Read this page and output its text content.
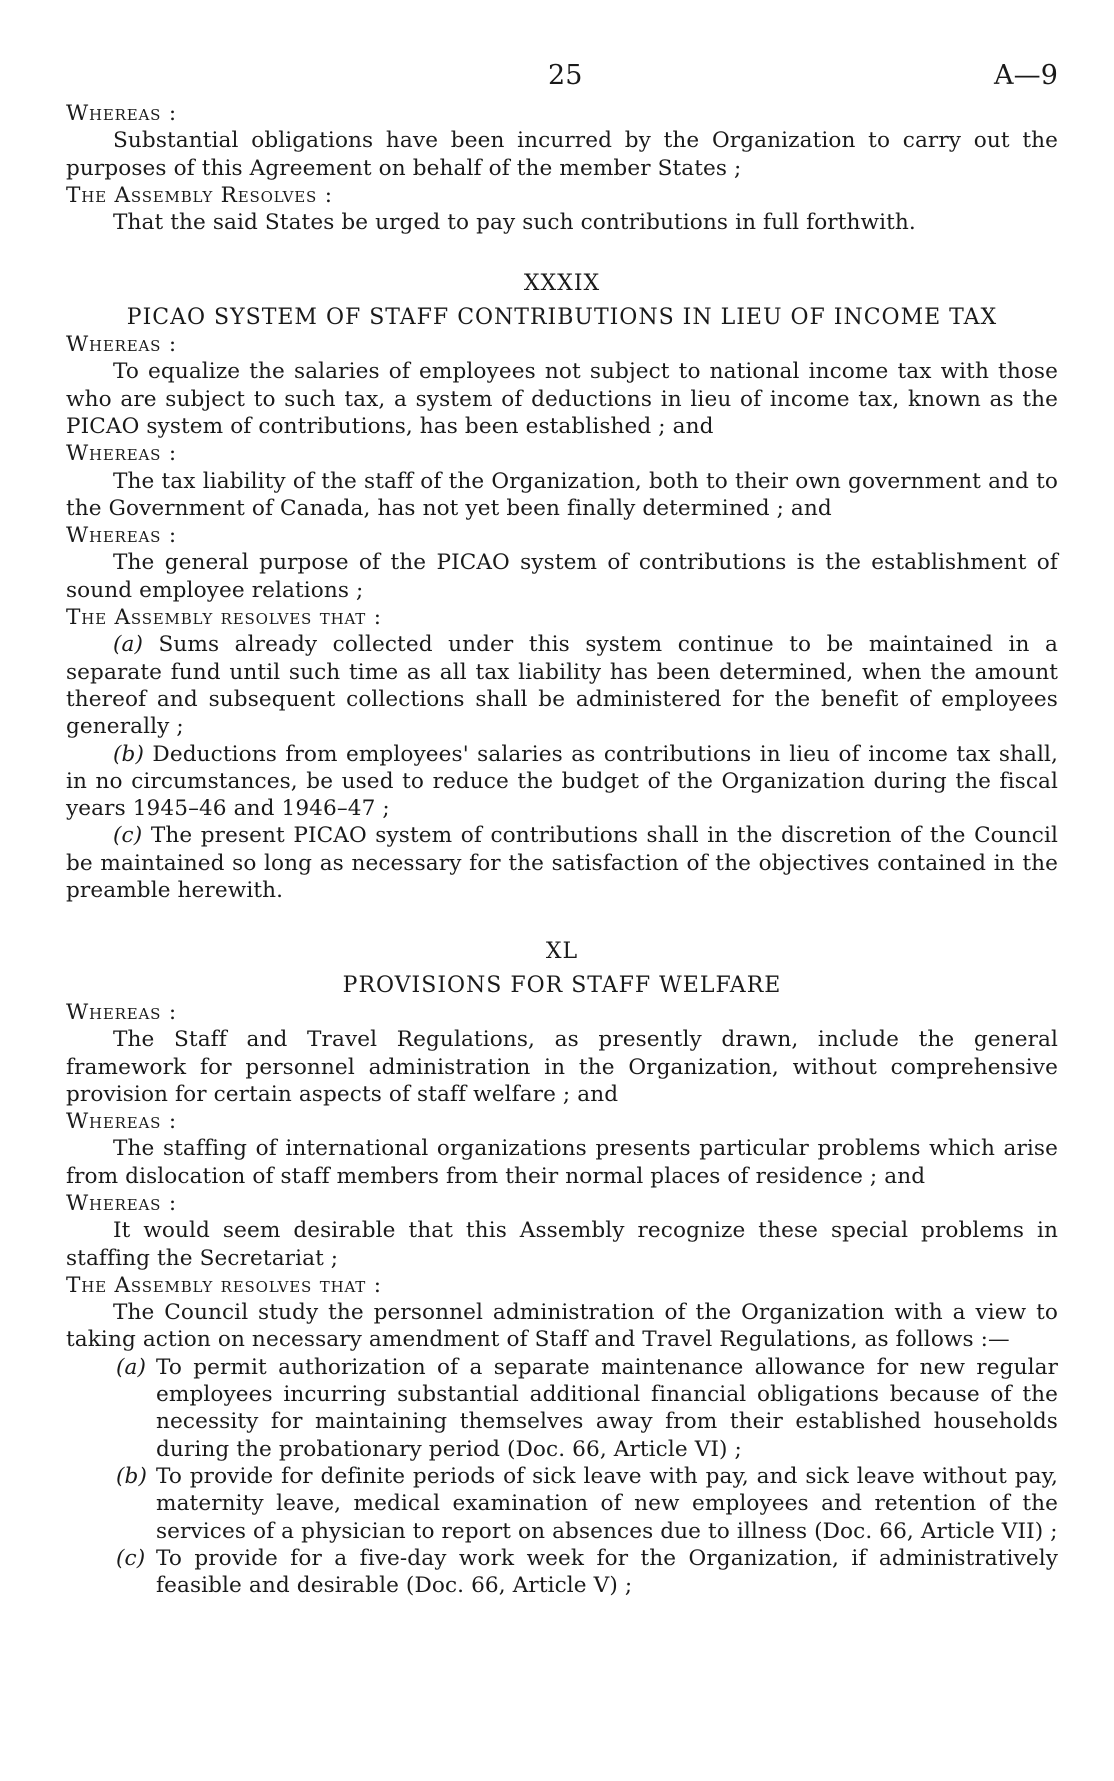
25	A—9

Whereas :

Substantial obligations have been incurred by the Organization to carry out the purposes of this Agreement on behalf of the member States ;

The Assembly Resolves :

That the said States be urged to pay such contributions in full forthwith.

XXXIX

PICAO SYSTEM OF STAFF CONTRIBUTIONS IN LIEU OF INCOME TAX

Whereas :

To equalize the salaries of employees not subject to national income tax with those who are subject to such tax, a system of deductions in lieu of income tax, known as the PICAO system of contributions, has been established ; and

Whereas :

The tax liability of the staff of the Organization, both to their own government and to the Government of Canada, has not yet been finally determined ; and

Whereas :

The general purpose of the PICAO system of contributions is the establishment of sound employee relations ;

The Assembly resolves that :

(a) Sums already collected under this system continue to be maintained in a separate fund until such time as all tax liability has been determined, when the amount thereof and subsequent collections shall be administered for the benefit of employees generally ;

(b) Deductions from employees' salaries as contributions in lieu of income tax shall, in no circumstances, be used to reduce the budget of the Organization during the fiscal years 1945–46 and 1946–47 ;

(c) The present PICAO system of contributions shall in the discretion of the Council be maintained so long as necessary for the satisfaction of the objectives contained in the preamble herewith.

XL

PROVISIONS FOR STAFF WELFARE

Whereas :

The Staff and Travel Regulations, as presently drawn, include the general framework for personnel administration in the Organization, without comprehensive provision for certain aspects of staff welfare ; and

Whereas :

The staffing of international organizations presents particular problems which arise from dislocation of staff members from their normal places of residence ; and

Whereas :

It would seem desirable that this Assembly recognize these special problems in staffing the Secretariat ;

The Assembly resolves that :

The Council study the personnel administration of the Organization with a view to taking action on necessary amendment of Staff and Travel Regulations, as follows :—

(a) To permit authorization of a separate maintenance allowance for new regular employees incurring substantial additional financial obligations because of the necessity for maintaining themselves away from their established households during the probationary period (Doc. 66, Article VI) ;
(b) To provide for definite periods of sick leave with pay, and sick leave without pay, maternity leave, medical examination of new employees and retention of the services of a physician to report on absences due to illness (Doc. 66, Article VII) ;
(c) To provide for a five-day work week for the Organization, if administratively feasible and desirable (Doc. 66, Article V) ;
